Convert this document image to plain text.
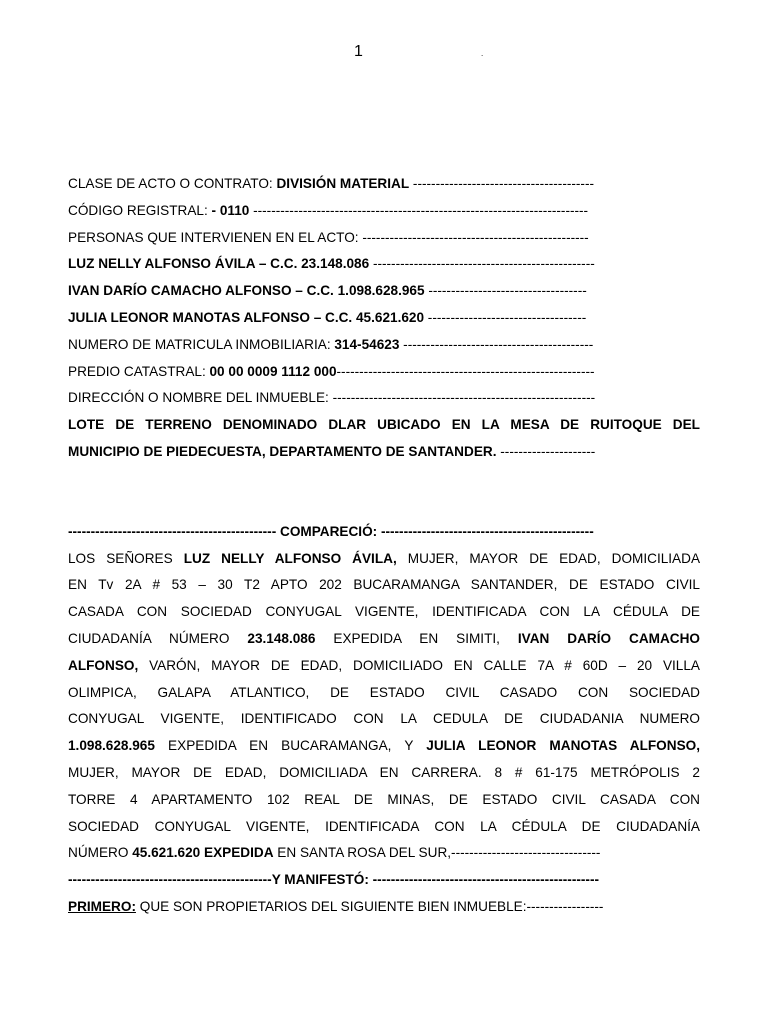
1	.
CLASE DE ACTO O CONTRATO: DIVISIÓN MATERIAL ----------------------------------------
CÓDIGO REGISTRAL: - 0110 --------------------------------------------------------------------------
PERSONAS QUE INTERVIENEN EN EL ACTO: --------------------------------------------------
LUZ NELLY ALFONSO ÁVILA – C.C. 23.148.086 -------------------------------------------------
IVAN DARÍO CAMACHO ALFONSO – C.C. 1.098.628.965 -----------------------------------
JULIA LEONOR MANOTAS ALFONSO – C.C. 45.621.620 -----------------------------------
NUMERO DE MATRICULA INMOBILIARIA: 314-54623 ------------------------------------------
PREDIO CATASTRAL: 00 00 0009 1112 000---------------------------------------------------------
DIRECCIÓN O NOMBRE DEL INMUEBLE: ----------------------------------------------------------
LOTE DE TERRENO DENOMINADO DLAR UBICADO EN LA MESA DE RUITOQUE DEL
MUNICIPIO DE PIEDECUESTA, DEPARTAMENTO DE SANTANDER. ---------------------
---------------------------------------------- COMPARECIÓ: -----------------------------------------------
LOS SEÑORES LUZ NELLY ALFONSO ÁVILA, MUJER, MAYOR DE EDAD, DOMICILIADA
EN Tv 2A # 53 – 30 T2 APTO 202 BUCARAMANGA SANTANDER, DE ESTADO CIVIL
CASADA CON SOCIEDAD CONYUGAL VIGENTE, IDENTIFICADA CON LA CÉDULA DE
CIUDADANÍA NÚMERO 23.148.086 EXPEDIDA EN SIMITI, IVAN DARÍO CAMACHO
ALFONSO, VARÓN, MAYOR DE EDAD, DOMICILIADO EN CALLE 7A # 60D – 20 VILLA
OLIMPICA, GALAPA ATLANTICO, DE ESTADO CIVIL CASADO CON SOCIEDAD
CONYUGAL VIGENTE, IDENTIFICADO CON LA CEDULA DE CIUDADANIA NUMERO
1.098.628.965 EXPEDIDA EN BUCARAMANGA, Y JULIA LEONOR MANOTAS ALFONSO,
MUJER, MAYOR DE EDAD, DOMICILIADA EN CARRERA. 8 # 61-175 METRÓPOLIS 2
TORRE 4 APARTAMENTO 102 REAL DE MINAS, DE ESTADO CIVIL CASADA CON
SOCIEDAD CONYUGAL VIGENTE, IDENTIFICADA CON LA CÉDULA DE CIUDADANÍA
NÚMERO 45.621.620 EXPEDIDA EN SANTA ROSA DEL SUR,---------------------------------
---------------------------------------------Y MANIFESTÓ: --------------------------------------------------
PRIMERO: QUE SON PROPIETARIOS DEL SIGUIENTE BIEN INMUEBLE:-----------------
